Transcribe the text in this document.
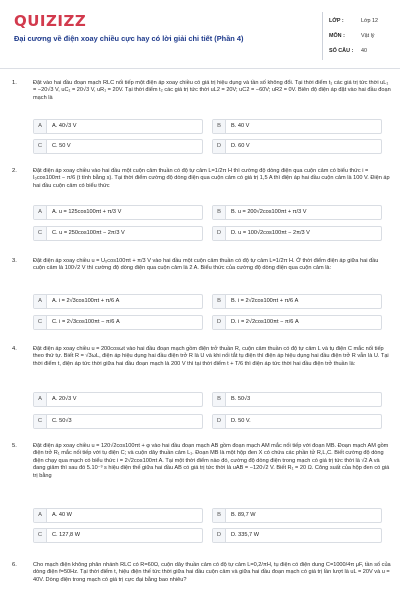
QUIZIZZ
Đại cương về điện xoay chiều cực hay có lời giải chi tiết (Phần 4)
LỚP :	Lớp 12
MÔN :	Vật lý
SỐ CÂU : 40
1.	Đặt vào hai đầu đoạn mạch RLC nối tiếp một điện áp xoay chiều có giá trị hiệu dụng và tần số không đổi. Tại thời điểm t₁ các giá trị tức thời uL₁ = −20√3 V, uC₁ = 20√3 V, uR₁ = 20V. Tại thời điểm t₂ các giá trị tức thời uL2 = 20V; uC2 = −60V; uR2 = 0V. Biên độ điện áp đặt vào hai đầu đoạn mạch là
A	A. 40√3 V	B	B. 40 V
C	C. 50 V	D	D. 60 V
2.	Đặt điện áp xoay chiều vào hai đầu một cuộn cảm thuần có độ tự cảm L=1/2π H thì cường độ dòng điện qua cuộn cảm có biểu thức i = I₀cos100πt − π/6 (t tính bằng s). Tại thời điểm cường độ dòng điện qua cuộn cảm có giá trị 1,5 A thì điện áp hai đầu cuộn cảm là 100 V. Điện áp hai đầu cuộn cảm có biểu thức
A	A. u = 125cos100πt + π/3 V	B	B. u = 200√2cos100πt + π/3 V
C	C. u = 250cos100πt − 2π/3 V	D	D. u = 100√2cos100πt − 2π/3 V
3.	Đặt điện áp xoay chiều u = U₀cos100πt + π/3 V vào hai đầu một cuộn cảm thuần có độ tự cảm L=1/2π H. Ở thời điểm điện áp giữa hai đầu cuộn cảm là 100√2 V thì cường độ dòng điện qua cuộn cảm là 2 A. Biểu thức của cường độ dòng điện qua cuộn cảm là:
A	A. i = 2√3cos100πt + π/6 A	B	B. i = 2√2cos100πt + π/6 A
C	C. i = 2√3cos100πt − π/6 A	D	D. i = 2√2cos100πt − π/6 A
4.	Đặt điện áp xoay chiều u = 200cosωt vào hai đầu đoạn mạch gồm điện trở thuần R, cuộn cảm thuần có độ tự cảm L và tụ điện C mắc nối tiếp theo thứ tự. Biết R = √3ωL, điện áp hiệu dụng hai đầu điện trở R là U và khi nối tắt tụ điện thì điện áp hiệu dụng hai đầu điện trở R vẫn là U. Tại thời điểm t, điện áp tức thời giữa hai đầu đoạn mạch là 200 V thì tại thời điểm t + T/6 thì điện áp tức thời hai đầu điện trở thuần là:
A	A. 20√3 V	B	B. 50√3
C	C. 50√3	D	D. 50 V.
5.	Đặt điện áp xoay chiều u = 120√2cos100πt + φ vào hai đầu đoạn mạch AB gồm đoạn mạch AM mắc nối tiếp với đoạn MB. Đoạn mạch AM gồm điện trở R₁ mắc nối tiếp với tụ điện C; và cuộn dây thuần cảm L₁. Đoạn MB là một hộp đen X có chứa các phần tử R,L,C. Biết cường độ dòng điện chạy qua mạch có biểu thức i = 2√2cos100πt A. Tại một thời điểm nào đó, cường độ dòng điện trong mạch có giá trị tức thời là √2 A và đang giảm thì sau đó 5.10⁻³ s hiệu điện thế giữa hai đầu AB có giá trị tức thời là uAB = −120√2 V. Biết R₁ = 20 Ω. Công suất của hộp đen có giá trị bằng
A	A. 40 W	B	B. 89,7 W
C	C. 127,8 W	D	D. 335,7 W
6.	Cho mạch điện không phân nhánh RLC có R=60Ω, cuộn dây thuần cảm có độ tự cảm L=0,2/πH, tụ điện có điện dung C=1000/4π μF, tần số của dòng điện f=50Hz. Tại thời điểm t, hiệu điện thế tức thời giữa hai đầu cuộn cảm và giữa hai đầu đoạn mạch có giá trị lần lượt là uL = 20V và u = 40V. Dòng điện trong mạch có giá trị cực đại bằng bao nhiêu?
